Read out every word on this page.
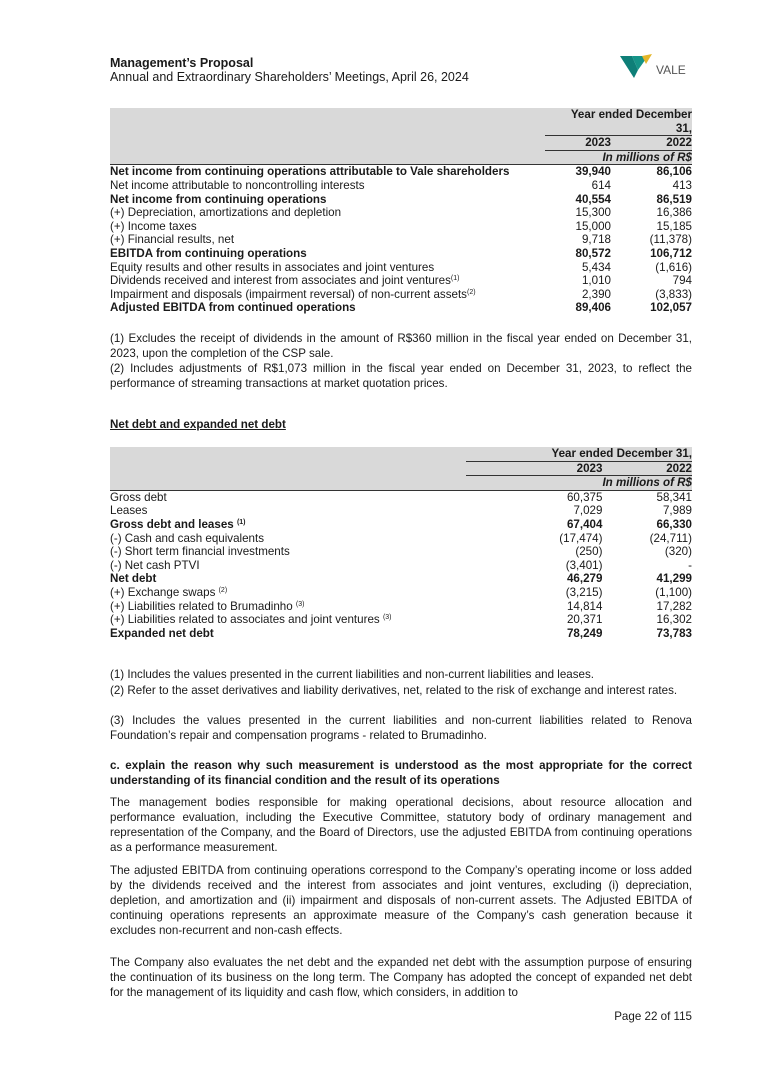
Management’s Proposal
Annual and Extraordinary Shareholders’ Meetings, April 26, 2024	VALE
	Year ended December	
	31,	
	2023	2022
	In millions of R$	
Net income from continuing operations attributable to Vale shareholders	39,940	86,106
Net income attributable to noncontrolling interests	614	413
Net income from continuing operations	40,554	86,519
(+) Depreciation, amortizations and depletion	15,300	16,386
(+) Income taxes	15,000	15,185
(+) Financial results, net	9,718	(11,378)
EBITDA from continuing operations	80,572	106,712
Equity results and other results in associates and joint ventures	5,434	(1,616)
Dividends received and interest from associates and joint ventures$^{(1)}$	1,010	794
Impairment and disposals (impairment reversal) of non-current assets$^{(2)}$	2,390	(3,833)
Adjusted EBITDA from continued operations	89,406	102,057
(1) Excludes the receipt of dividends in the amount of R$360 million in the fiscal year ended on December 31, 2023, upon the completion of the CSP sale.
(2) Includes adjustments of R$1,073 million in the fiscal year ended on December 31, 2023, to reflect the performance of streaming transactions at market quotation prices.
Net debt and expanded net debt
	Year ended December 31,	
	2023	2022
		In millions of R$
Gross debt	60,375	58,341
Leases	7,029	7,989
Gross debt and leases $^{(1)}$	67,404	66,330
(-) Cash and cash equivalents	(17,474)	(24,711)
(-) Short term financial investments	(250)	(320)
(-) Net cash PTVI	(3,401)	-
Net debt	46,279	41,299
(+) Exchange swaps $^{(2)}$	(3,215)	(1,100)
(+) Liabilities related to Brumadinho $^{(3)}$	14,814	17,282
(+) Liabilities related to associates and joint ventures $^{(3)}$	20,371	16,302
Expanded net debt	78,249	73,783
(1) Includes the values presented in the current liabilities and non-current liabilities and leases.
(2) Refer to the asset derivatives and liability derivatives, net, related to the risk of exchange and interest rates.
(3) Includes the values presented in the current liabilities and non-current liabilities related to Renova Foundation’s repair and compensation programs - related to Brumadinho.
c. explain the reason why such measurement is understood as the most appropriate for the correct understanding of its financial condition and the result of its operations
The management bodies responsible for making operational decisions, about resource allocation and performance evaluation, including the Executive Committee, statutory body of ordinary management and representation of the Company, and the Board of Directors, use the adjusted EBITDA from continuing operations as a performance measurement.
The adjusted EBITDA from continuing operations correspond to the Company’s operating income or loss added by the dividends received and the interest from associates and joint ventures, excluding (i) depreciation, depletion, and amortization and (ii) impairment and disposals of non-current assets. The Adjusted EBITDA of continuing operations represents an approximate measure of the Company’s cash generation because it excludes non-recurrent and non-cash effects.
The Company also evaluates the net debt and the expanded net debt with the assumption purpose of ensuring the continuation of its business on the long term. The Company has adopted the concept of expanded net debt for the management of its liquidity and cash flow, which considers, in addition to
Page 22 of 115
